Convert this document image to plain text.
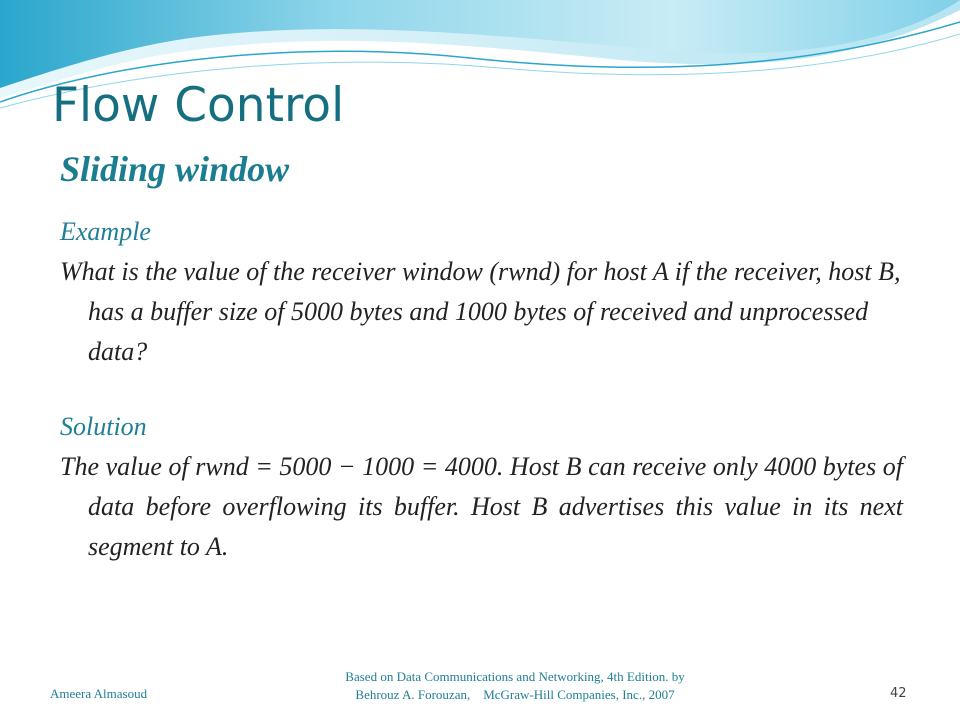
Flow Control
Sliding window

Example

What is the value of the receiver window (rwnd) for host A if the receiver, host B, has a buffer size of 5000 bytes and 1000 bytes of received and unprocessed data?

Solution

The value of rwnd = 5000 − 1000 = 4000. Host B can receive only 4000 bytes of data before overflowing its buffer. Host B advertises this value in its next segment to A.

Ameera Almasoud
Based on Data Communications and Networking, 4th Edition. by
Behrouz A. Forouzan,    McGraw-Hill Companies, Inc., 2007	42
